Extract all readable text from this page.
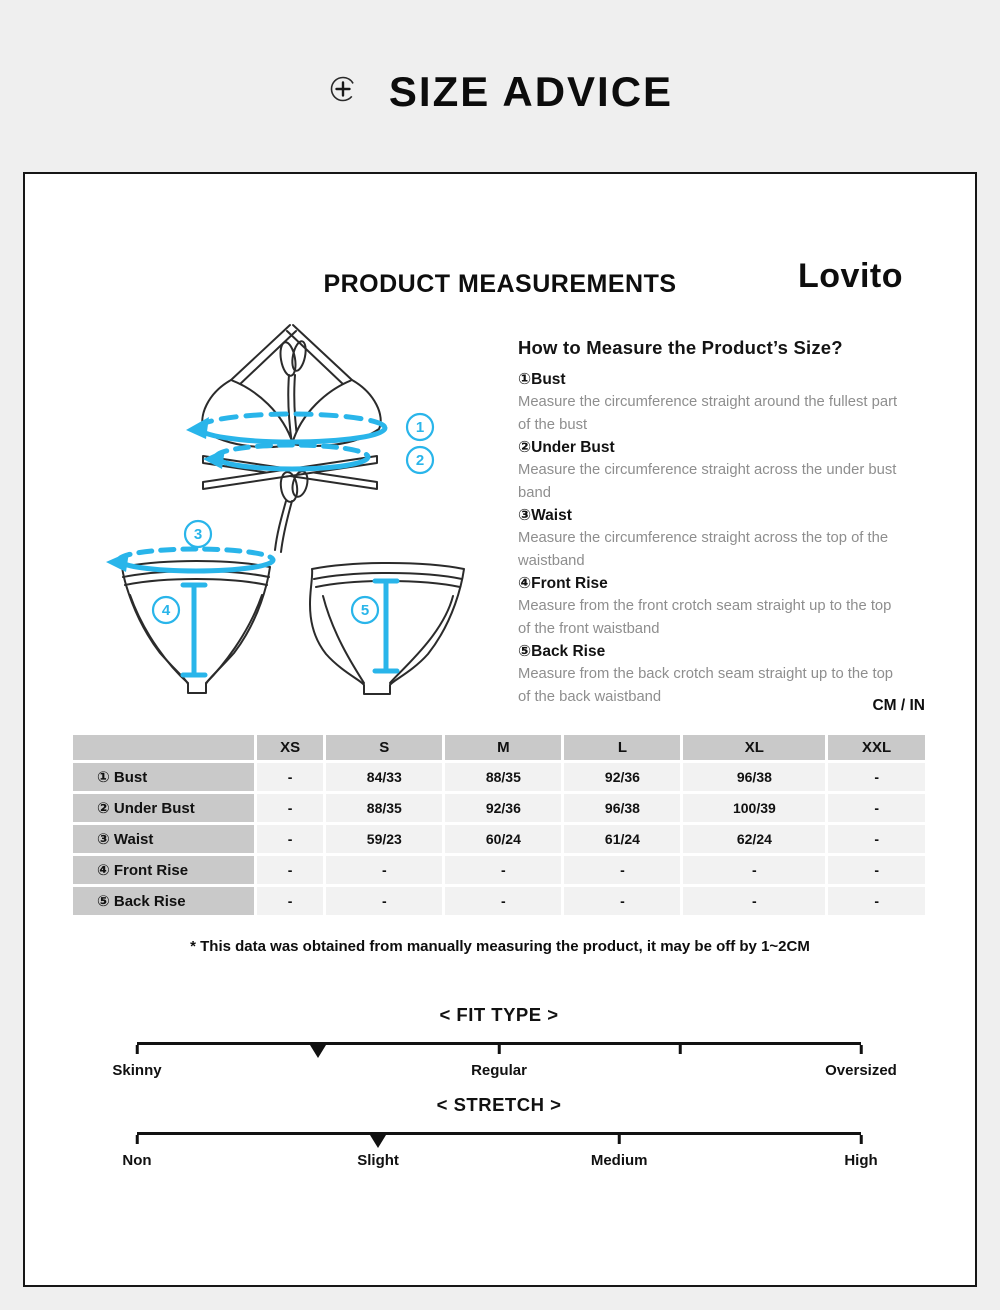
SIZE ADVICE
PRODUCT MEASUREMENTS	Lovito
1
2
3
4	5
How to Measure the Product’s Size?
①Bust
Measure the circumference straight around the fullest part of the bust
②Under Bust
Measure the circumference straight across the under bust band
③Waist
Measure the circumference straight across the top of the waistband
④Front Rise
Measure from the front crotch seam straight up to the top of the front waistband
⑤Back Rise
Measure from the back crotch seam straight up to the top of the back waistband
CM / IN
	XS	S	M	L	XL	XXL
① Bust	-	84/33	88/35	92/36	96/38	-
② Under Bust	-	88/35	92/36	96/38	100/39	-
③ Waist	-	59/23	60/24	61/24	62/24	-
④ Front Rise	-	-	-	-	-	-
⑤ Back Rise	-	-	-	-	-	-

* This data was obtained from manually measuring the product, it may be off by 1~2CM

< FIT TYPE >
Skinny	Regular	Oversized
< STRETCH >
Non	Slight	Medium	High
